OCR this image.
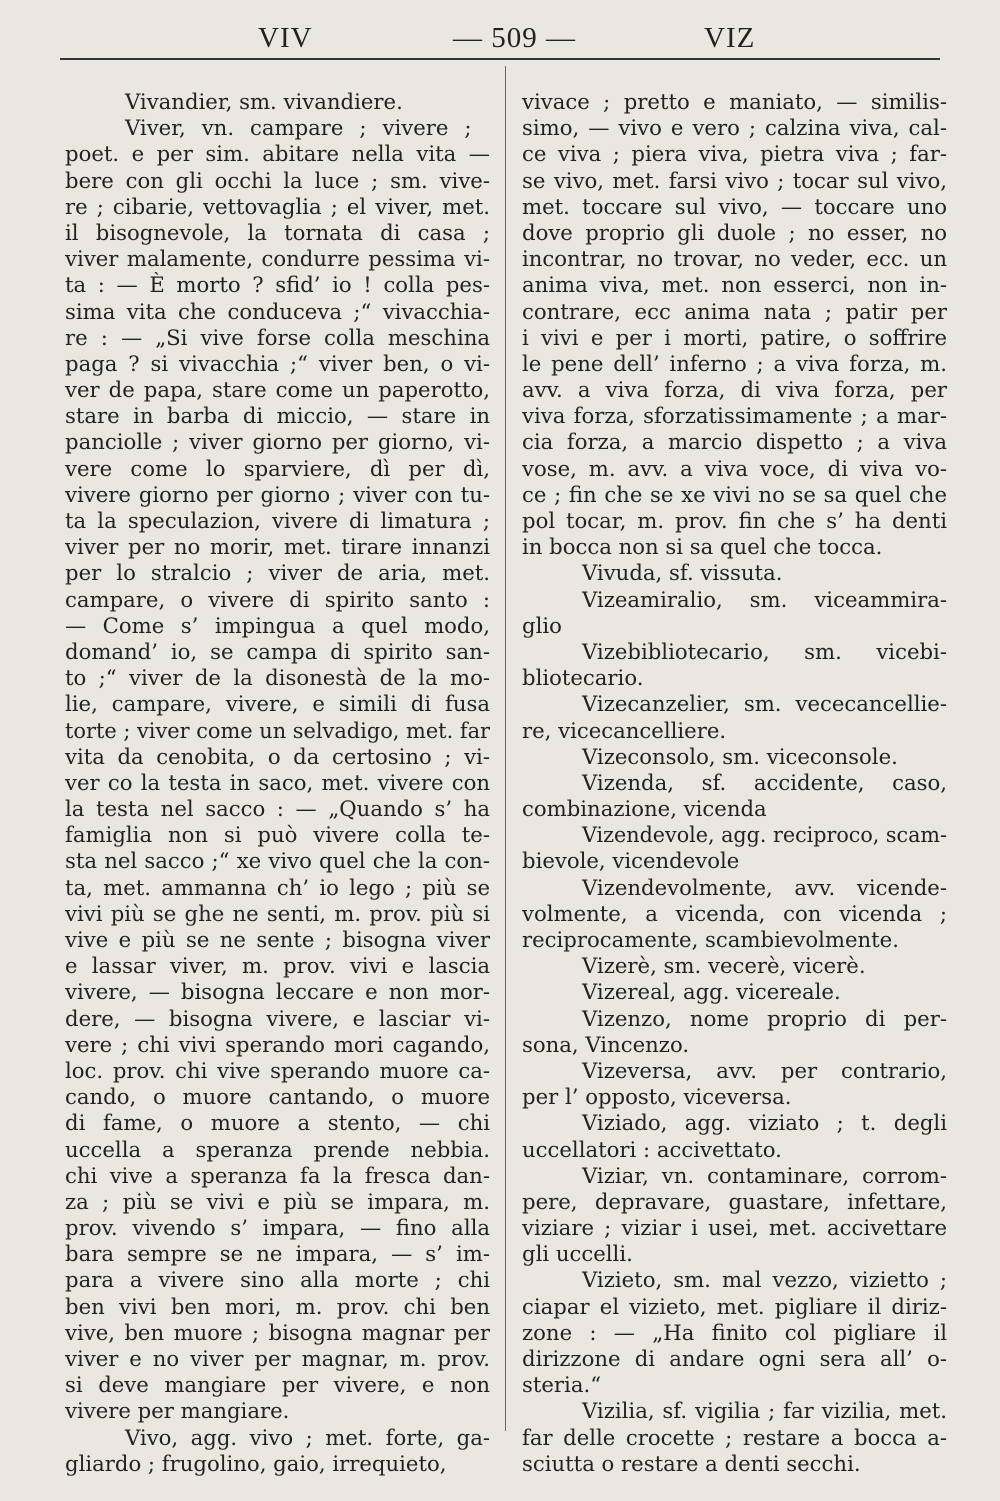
VIV	— 509 —	VIZ
Vivandier, sm. vivandiere.
Viver, vn. campare ; vivere ;
poet. e per sim. abitare nella vita —
bere con gli occhi la luce ; sm. vive-
re ; cibarie, vettovaglia ; el viver, met.
il bisognevole, la tornata di casa ;
viver malamente, condurre pessima vi-
ta : — È morto ? sfid’ io ! colla pes-
sima vita che conduceva ;“ vivacchia-
re : — „Si vive forse colla meschina
paga ? si vivacchia ;“ viver ben, o vi-
ver de papa, stare come un paperotto,
stare in barba di miccio, — stare in
panciolle ; viver giorno per giorno, vi-
vere come lo sparviere, dì per dì,
vivere giorno per giorno ; viver con tu-
ta la speculazion, vivere di limatura ;
viver per no morir, met. tirare innanzi
per lo stralcio ; viver de aria, met.
campare, o vivere di spirito santo :
— Come s’ impingua a quel modo,
domand’ io, se campa di spirito san-
to ;“ viver de la disonestà de la mo-
lie, campare, vivere, e simili di fusa
torte ; viver come un selvadigo, met. far
vita da cenobita, o da certosino ; vi-
ver co la testa in saco, met. vivere con
la testa nel sacco : — „Quando s’ ha
famiglia non si può vivere colla te-
sta nel sacco ;“ xe vivo quel che la con-
ta, met. ammanna ch’ io lego ; più se
vivi più se ghe ne senti, m. prov. più si
vive e più se ne sente ; bisogna viver
e lassar viver, m. prov. vivi e lascia
vivere, — bisogna leccare e non mor-
dere, — bisogna vivere, e lasciar vi-
vere ; chi vivi sperando mori cagando,
loc. prov. chi vive sperando muore ca-
cando, o muore cantando, o muore
di fame, o muore a stento, — chi
uccella a speranza prende nebbia.
chi vive a speranza fa la fresca dan-
za ; più se vivi e più se impara, m.
prov. vivendo s’ impara, — fino alla
bara sempre se ne impara, — s’ im-
para a vivere sino alla morte ; chi
ben vivi ben mori, m. prov. chi ben
vive, ben muore ; bisogna magnar per
viver e no viver per magnar, m. prov.
si deve mangiare per vivere, e non
vivere per mangiare.
Vivo, agg. vivo ; met. forte, ga-
gliardo ; frugolino, gaio, irrequieto,
vivace ; pretto e maniato, — similis-
simo, — vivo e vero ; calzina viva, cal-
ce viva ; piera viva, pietra viva ; far-
se vivo, met. farsi vivo ; tocar sul vivo,
met. toccare sul vivo, — toccare uno
dove proprio gli duole ; no esser, no
incontrar, no trovar, no veder, ecc. un
anima viva, met. non esserci, non in-
contrare, ecc anima nata ; patir per
i vivi e per i morti, patire, o soffrire
le pene dell’ inferno ; a viva forza, m.
avv. a viva forza, di viva forza, per
viva forza, sforzatissimamente ; a mar-
cia forza, a marcio dispetto ; a viva
vose, m. avv. a viva voce, di viva vo-
ce ; fin che se xe vivi no se sa quel che
pol tocar, m. prov. fin che s’ ha denti
in bocca non si sa quel che tocca.
Vivuda, sf. vissuta.
Vizeamiralio, sm. viceammira-
glio
Vizebibliotecario, sm. vicebi-
bliotecario.
Vizecanzelier, sm. vececancellie-
re, vicecancelliere.
Vizeconsolo, sm. viceconsole.
Vizenda, sf. accidente, caso,
combinazione, vicenda
Vizendevole, agg. reciproco, scam-
bievole, vicendevole
Vizendevolmente, avv. vicende-
volmente, a vicenda, con vicenda ;
reciprocamente, scambievolmente.
Vizerè, sm. vecerè, vicerè.
Vizereal, agg. vicereale.
Vizenzo, nome proprio di per-
sona, Vincenzo.
Vizeversa, avv. per contrario,
per l’ opposto, viceversa.
Viziado, agg. viziato ; t. degli
uccellatori : accivettato.
Viziar, vn. contaminare, corrom-
pere, depravare, guastare, infettare,
viziare ; viziar i usei, met. accivettare
gli uccelli.
Vizieto, sm. mal vezzo, vizietto ;
ciapar el vizieto, met. pigliare il diriz-
zone : — „Ha finito col pigliare il
dirizzone di andare ogni sera all’ o-
steria.“
Vizilia, sf. vigilia ; far vizilia, met.
far delle crocette ; restare a bocca a-
sciutta o restare a denti secchi.
